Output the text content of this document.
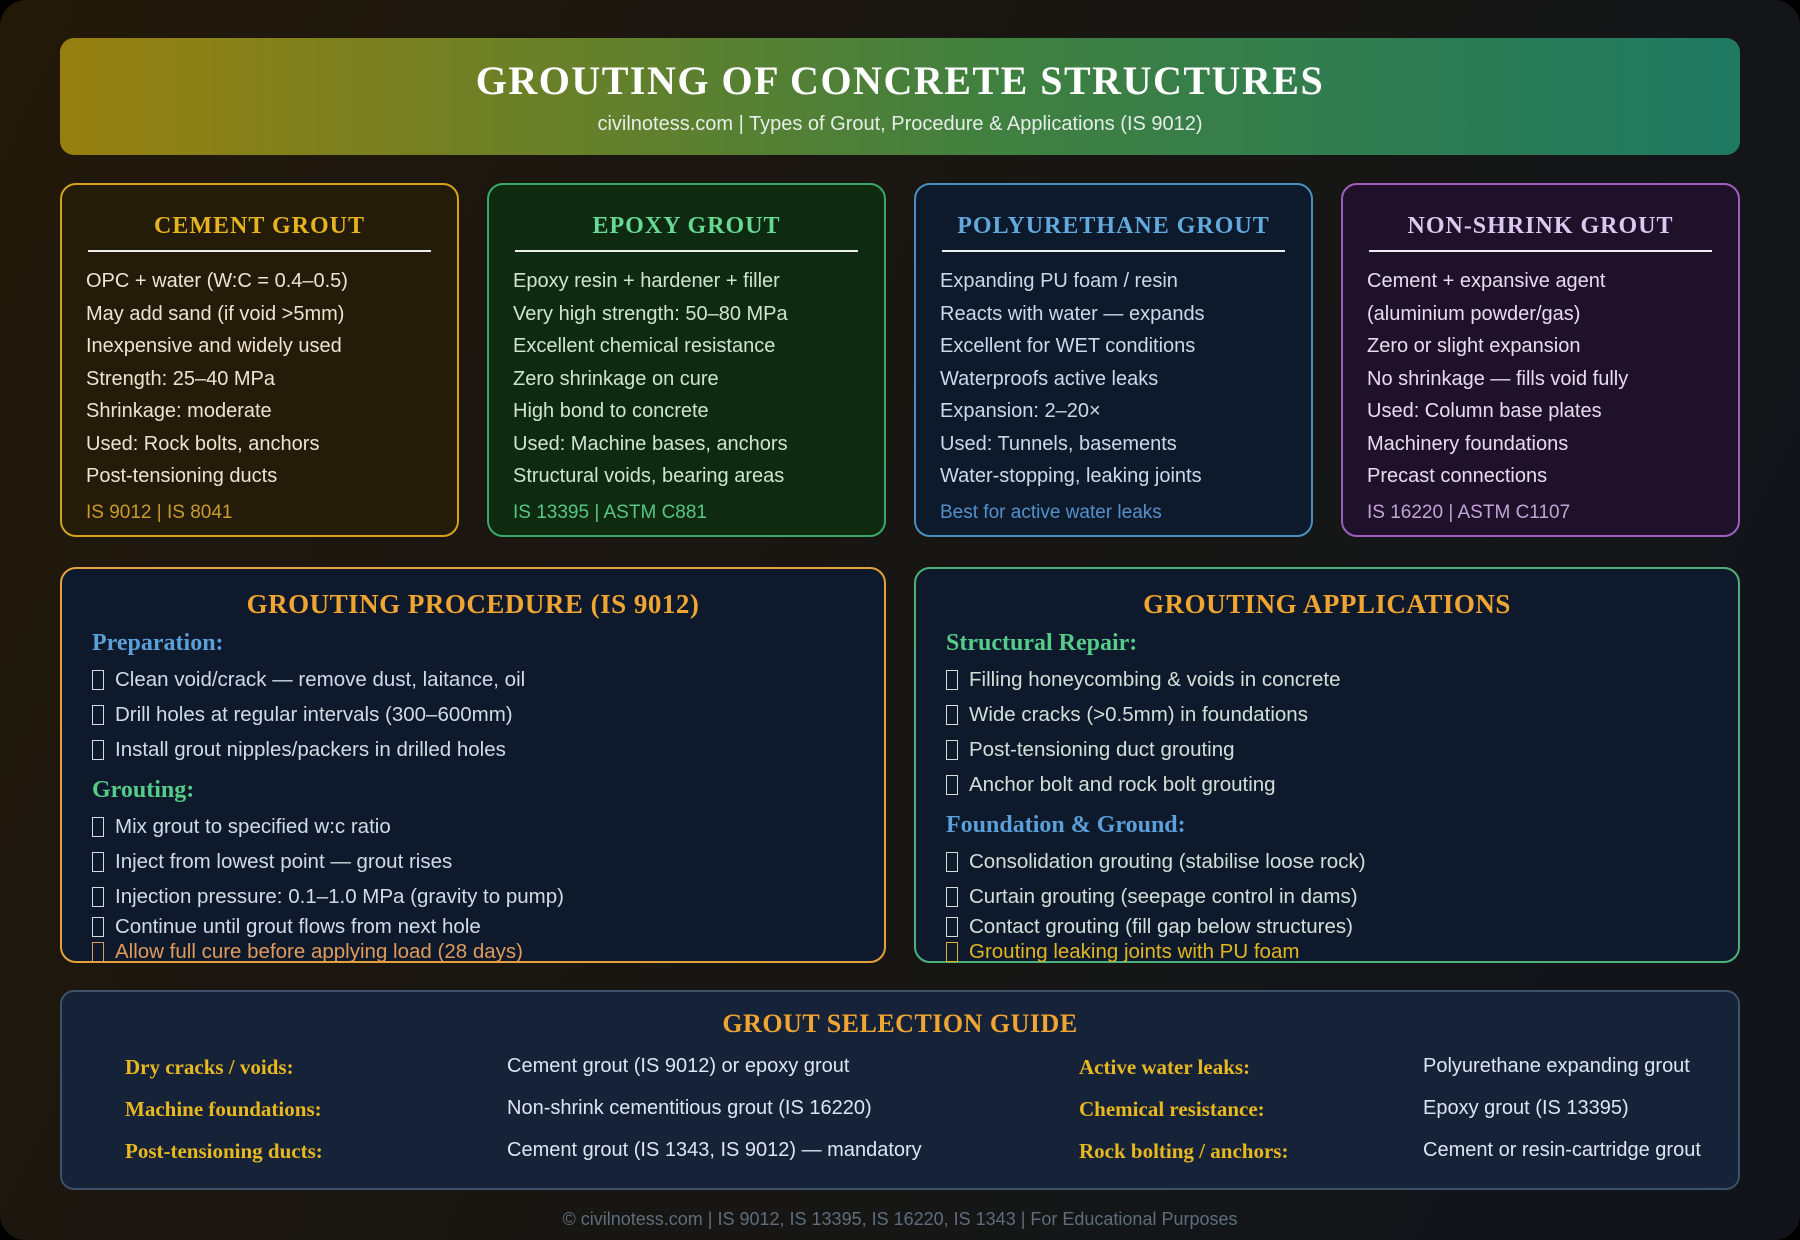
GROUTING OF CONCRETE STRUCTURES
civilnotess.com | Types of Grout, Procedure & Applications (IS 9012)
CEMENT GROUT
OPC + water (W:C = 0.4–0.5)
May add sand (if void >5mm)
Inexpensive and widely used
Strength: 25–40 MPa
Shrinkage: moderate
Used: Rock bolts, anchors
Post-tensioning ducts
IS 9012 | IS 8041
EPOXY GROUT
Epoxy resin + hardener + filler
Very high strength: 50–80 MPa
Excellent chemical resistance
Zero shrinkage on cure
High bond to concrete
Used: Machine bases, anchors
Structural voids, bearing areas
IS 13395 | ASTM C881
POLYURETHANE GROUT
Expanding PU foam / resin
Reacts with water — expands
Excellent for WET conditions
Waterproofs active leaks
Expansion: 2–20×
Used: Tunnels, basements
Water-stopping, leaking joints
Best for active water leaks
NON-SHRINK GROUT
Cement + expansive agent
(aluminium powder/gas)
Zero or slight expansion
No shrinkage — fills void fully
Used: Column base plates
Machinery foundations
Precast connections
IS 16220 | ASTM C1107
GROUTING PROCEDURE (IS 9012)
Preparation:
Clean void/crack — remove dust, laitance, oil
Drill holes at regular intervals (300–600mm)
Install grout nipples/packers in drilled holes
Grouting:
Mix grout to specified w:c ratio
Inject from lowest point — grout rises
Injection pressure: 0.1–1.0 MPa (gravity to pump)
Continue until grout flows from next hole
Allow full cure before applying load (28 days)
GROUTING APPLICATIONS
Structural Repair:
Filling honeycombing & voids in concrete
Wide cracks (>0.5mm) in foundations
Post-tensioning duct grouting
Anchor bolt and rock bolt grouting
Foundation & Ground:
Consolidation grouting (stabilise loose rock)
Curtain grouting (seepage control in dams)
Contact grouting (fill gap below structures)
Grouting leaking joints with PU foam
GROUT SELECTION GUIDE
Dry cracks / voids:	Cement grout (IS 9012) or epoxy grout	Active water leaks:	Polyurethane expanding grout
Machine foundations:	Non-shrink cementitious grout (IS 16220)	Chemical resistance:	Epoxy grout (IS 13395)
Post-tensioning ducts:	Cement grout (IS 1343, IS 9012) — mandatory	Rock bolting / anchors:	Cement or resin-cartridge grout
© civilnotess.com | IS 9012, IS 13395, IS 16220, IS 1343 | For Educational Purposes
